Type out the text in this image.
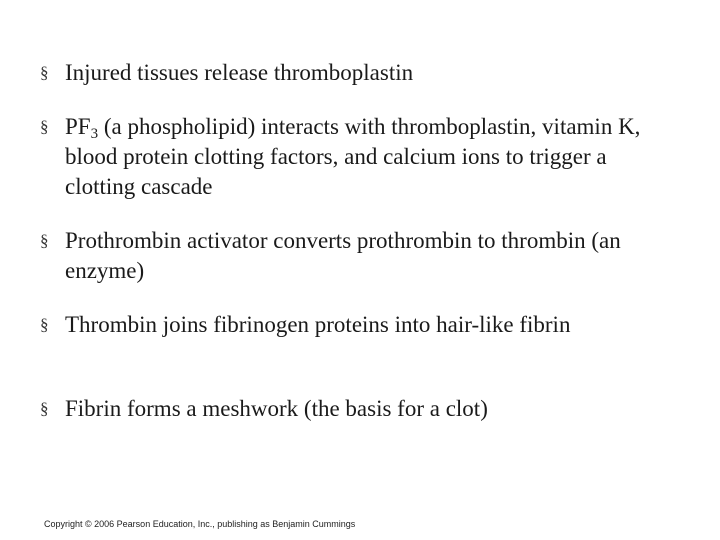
§ Injured tissues release thromboplastin
§ $PF_3$ (a phospholipid) interacts with thromboplastin, vitamin K, blood protein clotting factors, and calcium ions to trigger a clotting cascade
§ Prothrombin activator converts prothrombin to thrombin (an enzyme)
§ Thrombin joins fibrinogen proteins into hair-like fibrin
§ Fibrin forms a meshwork (the basis for a clot)
Copyright © 2006 Pearson Education, Inc., publishing as Benjamin Cummings
